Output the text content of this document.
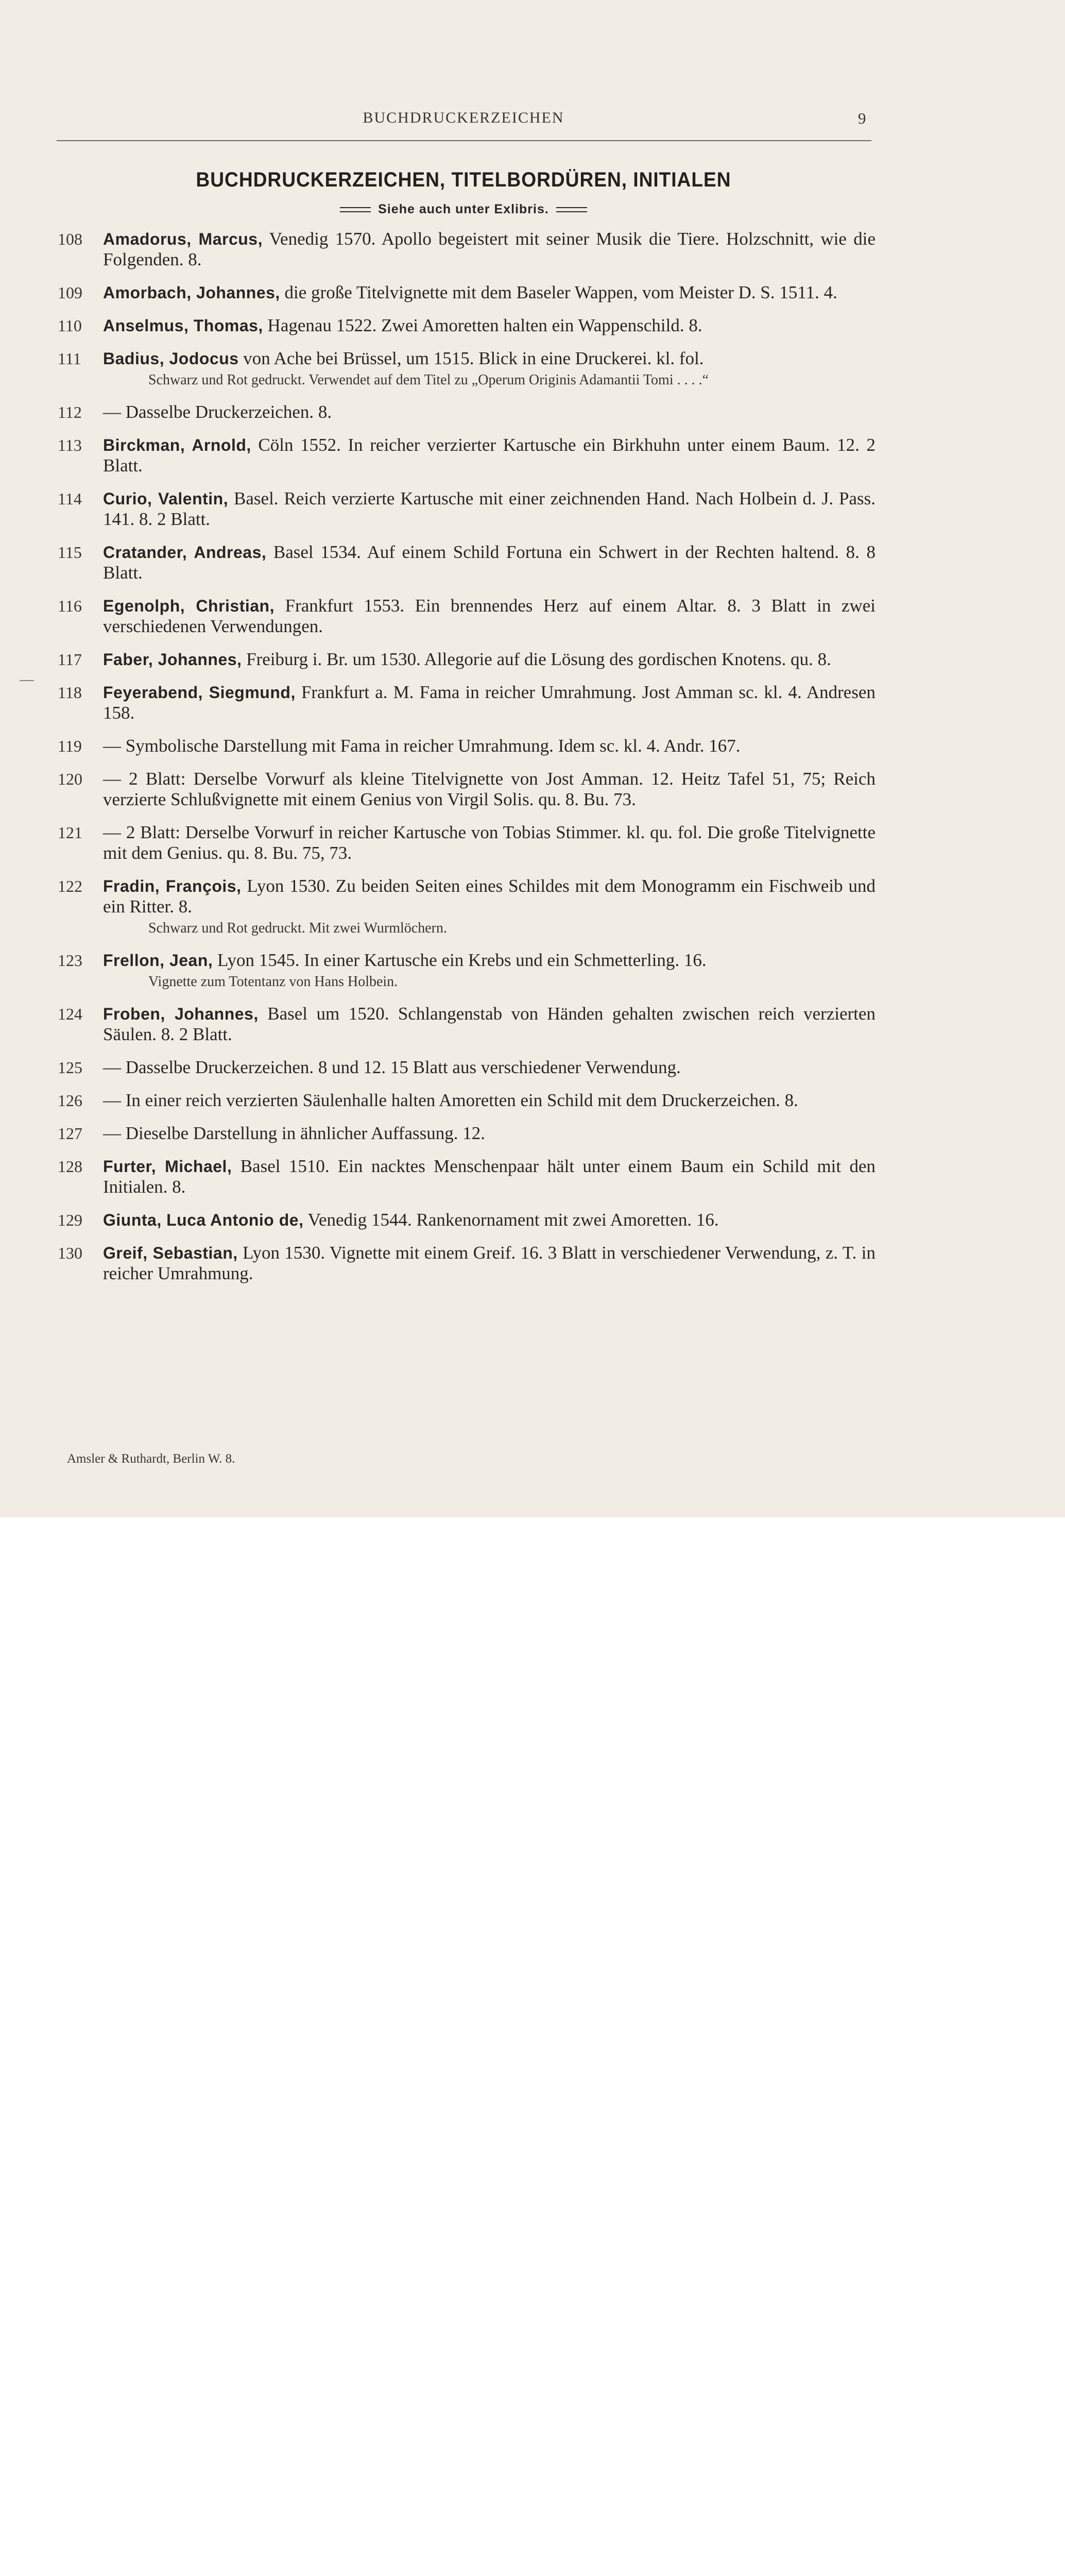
BUCHDRUCKERZEICHEN	9
BUCHDRUCKERZEICHEN, TITELBORDÜREN, INITIALEN
Siehe auch unter Exlibris.
108 Amadorus, Marcus, Venedig 1570. Apollo begeistert mit seiner Musik die Tiere. Holzschnitt, wie die Folgenden. 8.
109 Amorbach, Johannes, die große Titelvignette mit dem Baseler Wappen, vom Meister D. S. 1511. 4.
110 Anselmus, Thomas, Hagenau 1522. Zwei Amoretten halten ein Wappenschild. 8.
111 Badius, Jodocus von Ache bei Brüssel, um 1515. Blick in eine Druckerei. kl. fol.
Schwarz und Rot gedruckt. Verwendet auf dem Titel zu „Operum Originis Adamantii Tomi . . . .“
112 — Dasselbe Druckerzeichen. 8.
113 Birckman, Arnold, Cöln 1552. In reicher verzierter Kartusche ein Birkhuhn unter einem Baum. 12. 2 Blatt.
114 Curio, Valentin, Basel. Reich verzierte Kartusche mit einer zeichnenden Hand. Nach Holbein d. J. Pass. 141. 8. 2 Blatt.
115 Cratander, Andreas, Basel 1534. Auf einem Schild Fortuna ein Schwert in der Rechten haltend. 8. 8 Blatt.
116 Egenolph, Christian, Frankfurt 1553. Ein brennendes Herz auf einem Altar. 8. 3 Blatt in zwei verschiedenen Verwendungen.
117 Faber, Johannes, Freiburg i. Br. um 1530. Allegorie auf die Lösung des gordischen Knotens. qu. 8.
118 Feyerabend, Siegmund, Frankfurt a. M. Fama in reicher Umrahmung. Jost Amman sc. kl. 4. Andresen 158.
119 — Symbolische Darstellung mit Fama in reicher Umrahmung. Idem sc. kl. 4. Andr. 167.
120 — 2 Blatt: Derselbe Vorwurf als kleine Titelvignette von Jost Amman. 12. Heitz Tafel 51, 75; Reich verzierte Schlußvignette mit einem Genius von Virgil Solis. qu. 8. Bu. 73.
121 — 2 Blatt: Derselbe Vorwurf in reicher Kartusche von Tobias Stimmer. kl. qu. fol. Die große Titelvignette mit dem Genius. qu. 8. Bu. 75, 73.
122 Fradin, François, Lyon 1530. Zu beiden Seiten eines Schildes mit dem Monogramm ein Fischweib und ein Ritter. 8.
Schwarz und Rot gedruckt. Mit zwei Wurmlöchern.
123 Frellon, Jean, Lyon 1545. In einer Kartusche ein Krebs und ein Schmetterling. 16.
Vignette zum Totentanz von Hans Holbein.
124 Froben, Johannes, Basel um 1520. Schlangenstab von Händen gehalten zwischen reich verzierten Säulen. 8. 2 Blatt.
125 — Dasselbe Druckerzeichen. 8 und 12. 15 Blatt aus verschiedener Verwendung.
126 — In einer reich verzierten Säulenhalle halten Amoretten ein Schild mit dem Druckerzeichen. 8.
127 — Dieselbe Darstellung in ähnlicher Auffassung. 12.
128 Furter, Michael, Basel 1510. Ein nacktes Menschenpaar hält unter einem Baum ein Schild mit den Initialen. 8.
129 Giunta, Luca Antonio de, Venedig 1544. Rankenornament mit zwei Amoretten. 16.
130 Greif, Sebastian, Lyon 1530. Vignette mit einem Greif. 16. 3 Blatt in verschiedener Verwendung, z. T. in reicher Umrahmung.
Amsler & Ruthardt, Berlin W. 8.
